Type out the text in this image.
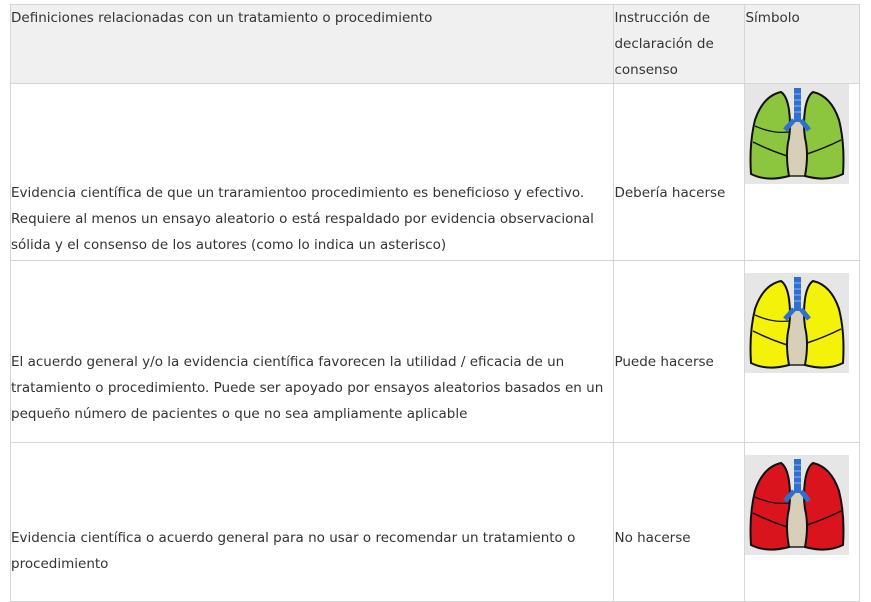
Definiciones relacionadas con un tratamiento o procedimiento	Instrucción de declaración de consenso	Símbolo

Evidencia científica de que un traramientoo procedimiento es beneficioso y efectivo. Requiere al menos un ensayo aleatorio o está respaldado por evidencia observacional sólida y el consenso de los autores (como lo indica un asterisco)	Debería hacerse

El acuerdo general y/o la evidencia científica favorecen la utilidad / eficacia de un tratamiento o procedimiento. Puede ser apoyado por ensayos aleatorios basados en un pequeño número de pacientes o que no sea ampliamente aplicable	Puede hacerse

Evidencia científica o acuerdo general para no usar o recomendar un tratamiento o procedimiento	No hacerse
